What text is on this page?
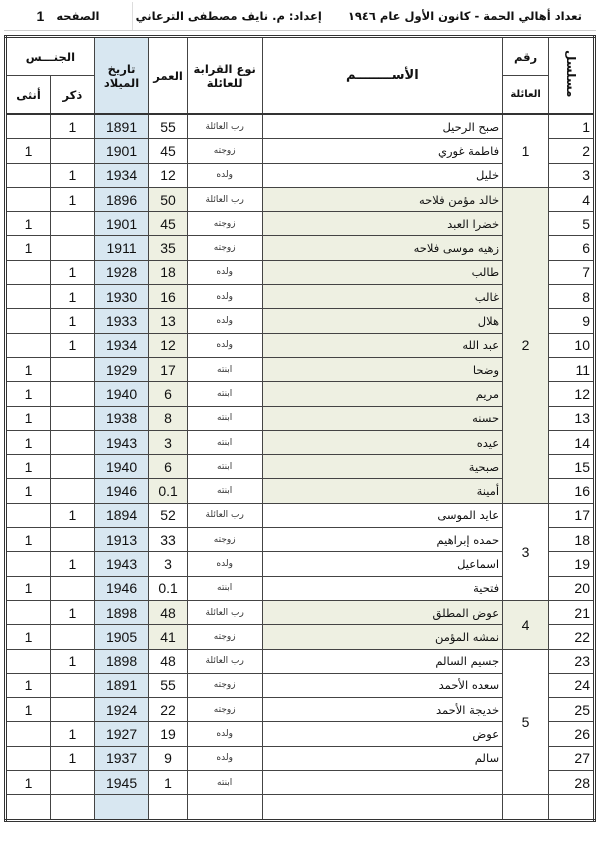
تعداد أهالي الحمة - كانون الأول عام ١٩٤٦
إعداد: م. نايف مصطفى الترعاني
الصفحه
1
مسلسل	رقم	الأســــــــم	نوع القرابة للعائلة	العمر	تاريخ الميلاد	الجنـــس	
	العائلة					ذكر	أنثى
1	1	صبح الرحيل	رب العائلة	55	1891	1	
2		فاطمة غوري	زوجته	45	1901		1
3		خليل	ولده	12	1934	1	
4	2	خالد مؤمن فلاحه	رب العائلة	50	1896	1	
5		خضرا العبد	زوجته	45	1901		1
6		زهيه موسى فلاحه	زوجته	35	1911		1
7		طالب	ولده	18	1928	1	
8		غالب	ولده	16	1930	1	
9		هلال	ولده	13	1933	1	
10		عبد الله	ولده	12	1934	1	
11		وضحا	ابنته	17	1929		1
12		مريم	ابنته	6	1940		1
13		حسنه	ابنته	8	1938		1
14		عيده	ابنته	3	1943		1
15		صبحية	ابنته	6	1940		1
16		أمينة	ابنته	0.1	1946		1
17	3	عايد الموسى	رب العائلة	52	1894	1	
18		حمده إبراهيم	زوجته	33	1913		1
19		اسماعيل	ولده	3	1943	1	
20		فتحية	ابنته	0.1	1946		1
21	4	عوض المطلق	رب العائلة	48	1898	1	
22		نمشه المؤمن	زوجته	41	1905		1
23	5	جسيم السالم	رب العائلة	48	1898	1	
24		سعده الأحمد	زوجته	55	1891		1
25		خديجة الأحمد	زوجته	22	1924		1
26		عوض	ولده	19	1927	1	
27		سالم	ولده	9	1937	1	
28			ابنته	1	1945		1
